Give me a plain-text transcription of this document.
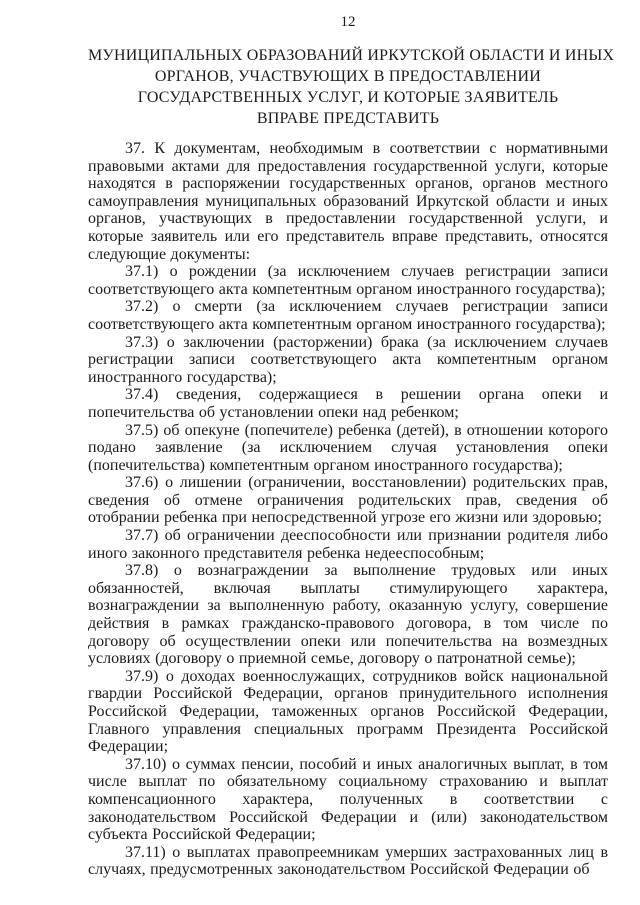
12
МУНИЦИПАЛЬНЫХ ОБРАЗОВАНИЙ ИРКУТСКОЙ ОБЛАСТИ И ИНЫХ
ОРГАНОВ, УЧАСТВУЮЩИХ В ПРЕДОСТАВЛЕНИИ
ГОСУДАРСТВЕННЫХ УСЛУГ, И КОТОРЫЕ ЗАЯВИТЕЛЬ
ВПРАВЕ ПРЕДСТАВИТЬ

37. К документам, необходимым в соответствии с нормативными правовыми актами для предоставления государственной услуги, которые находятся в распоряжении государственных органов, органов местного самоуправления муниципальных образований Иркутской области и иных органов, участвующих в предоставлении государственной услуги, и которые заявитель или его представитель вправе представить, относятся следующие документы:

37.1) о рождении (за исключением случаев регистрации записи соответствующего акта компетентным органом иностранного государства);

37.2) о смерти (за исключением случаев регистрации записи соответствующего акта компетентным органом иностранного государства);

37.3) о заключении (расторжении) брака (за исключением случаев регистрации записи соответствующего акта компетентным органом иностранного государства);

37.4) сведения, содержащиеся в решении органа опеки и попечительства об установлении опеки над ребенком;

37.5) об опекуне (попечителе) ребенка (детей), в отношении которого подано заявление (за исключением случая установления опеки (попечительства) компетентным органом иностранного государства);

37.6) о лишении (ограничении, восстановлении) родительских прав, сведения об отмене ограничения родительских прав, сведения об отобрании ребенка при непосредственной угрозе его жизни или здоровью;

37.7) об ограничении дееспособности или признании родителя либо иного законного представителя ребенка недееспособным;

37.8) о вознаграждении за выполнение трудовых или иных обязанностей, включая выплаты стимулирующего характера, вознаграждении за выполненную работу, оказанную услугу, совершение действия в рамках гражданско-правового договора, в том числе по договору об осуществлении опеки или попечительства на возмездных условиях (договору о приемной семье, договору о патронатной семье);

37.9) о доходах военнослужащих, сотрудников войск национальной гвардии Российской Федерации, органов принудительного исполнения Российской Федерации, таможенных органов Российской Федерации, Главного управления специальных программ Президента Российской Федерации;

37.10) о суммах пенсии, пособий и иных аналогичных выплат, в том числе выплат по обязательному социальному страхованию и выплат компенсационного характера, полученных в соответствии с законодательством Российской Федерации и (или) законодательством субъекта Российской Федерации;

37.11) о выплатах правопреемникам умерших застрахованных лиц в случаях, предусмотренных законодательством Российской Федерации об
